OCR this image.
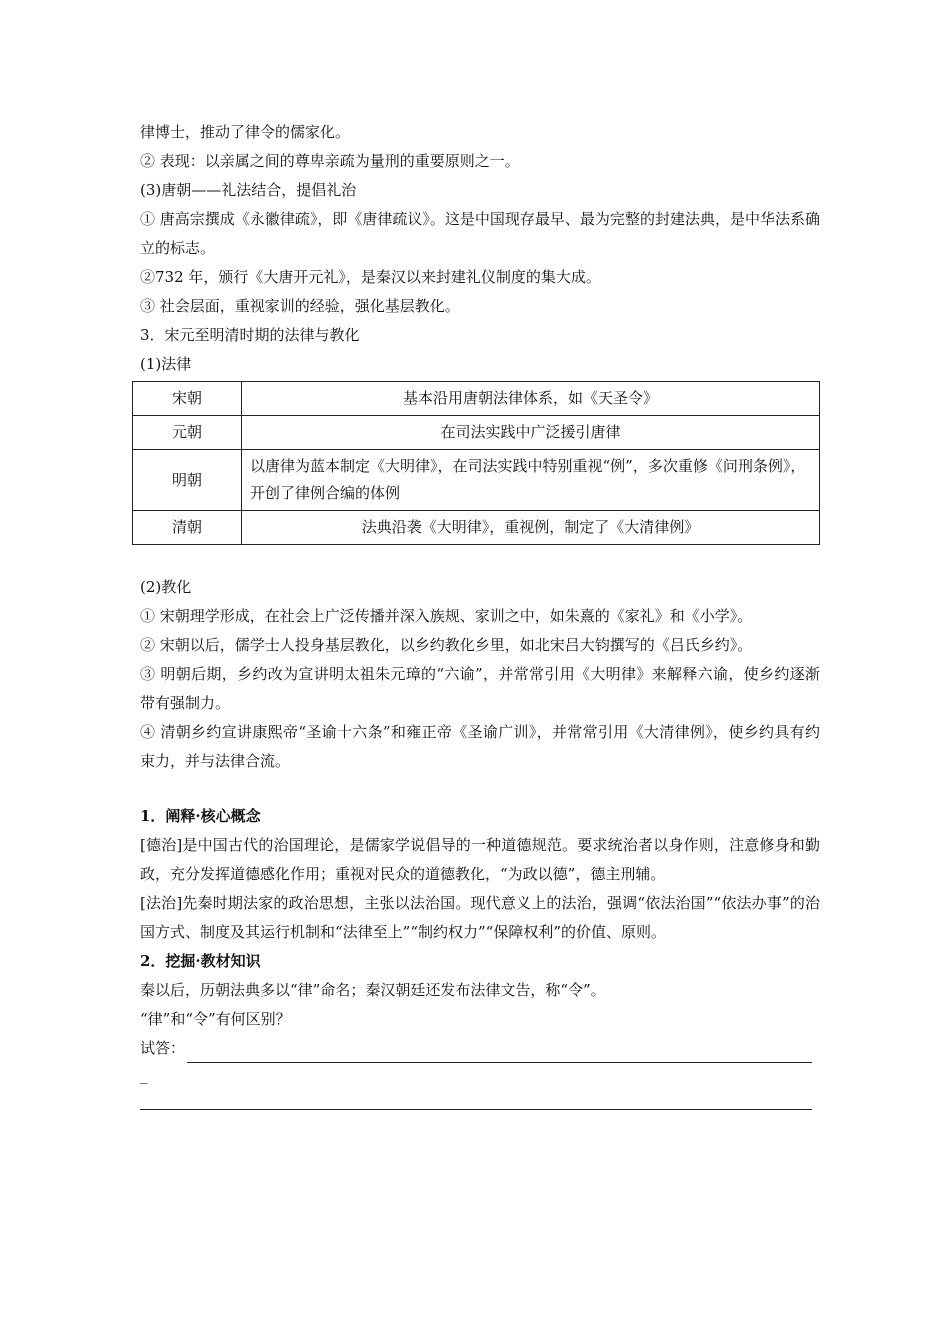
律博士，推动了律令的儒家化。
② 表现：以亲属之间的尊卑亲疏为量刑的重要原则之一。
(3)唐朝——礼法结合，提倡礼治
① 唐高宗撰成《永徽律疏》，即《唐律疏议》。这是中国现存最早、最为完整的封建法典，是中华法系确立的标志。
②732 年，颁行《大唐开元礼》，是秦汉以来封建礼仪制度的集大成。
③ 社会层面，重视家训的经验，强化基层教化。
3．宋元至明清时期的法律与教化
(1)法律
宋朝	基本沿用唐朝法律体系，如《天圣令》
元朝	在司法实践中广泛援引唐律
明朝	以唐律为蓝本制定《大明律》，在司法实践中特别重视“例”，多次重修《问刑条例》，开创了律例合编的体例
清朝	法典沿袭《大明律》，重视例，制定了《大清律例》
(2)教化
① 宋朝理学形成，在社会上广泛传播并深入族规、家训之中，如朱熹的《家礼》和《小学》。
② 宋朝以后，儒学士人投身基层教化，以乡约教化乡里，如北宋吕大钧撰写的《吕氏乡约》。
③ 明朝后期，乡约改为宣讲明太祖朱元璋的“六谕”，并常常引用《大明律》来解释六谕，使乡约逐渐带有强制力。
④ 清朝乡约宣讲康熙帝“圣谕十六条”和雍正帝《圣谕广训》，并常常引用《大清律例》，使乡约具有约束力，并与法律合流。
1．阐释·核心概念
[德治]是中国古代的治国理论，是儒家学说倡导的一种道德规范。要求统治者以身作则，注意修身和勤政，充分发挥道德感化作用；重视对民众的道德教化，“为政以德”，德主刑辅。
[法治]先秦时期法家的政治思想，主张以法治国。现代意义上的法治，强调“依法治国”“依法办事”的治国方式、制度及其运行机制和“法律至上”“制约权力”“保障权利”的价值、原则。
2．挖掘·教材知识
秦以后，历朝法典多以“律”命名；秦汉朝廷还发布法律文告，称“令”。
“律”和“令”有何区别？
试答：
_
